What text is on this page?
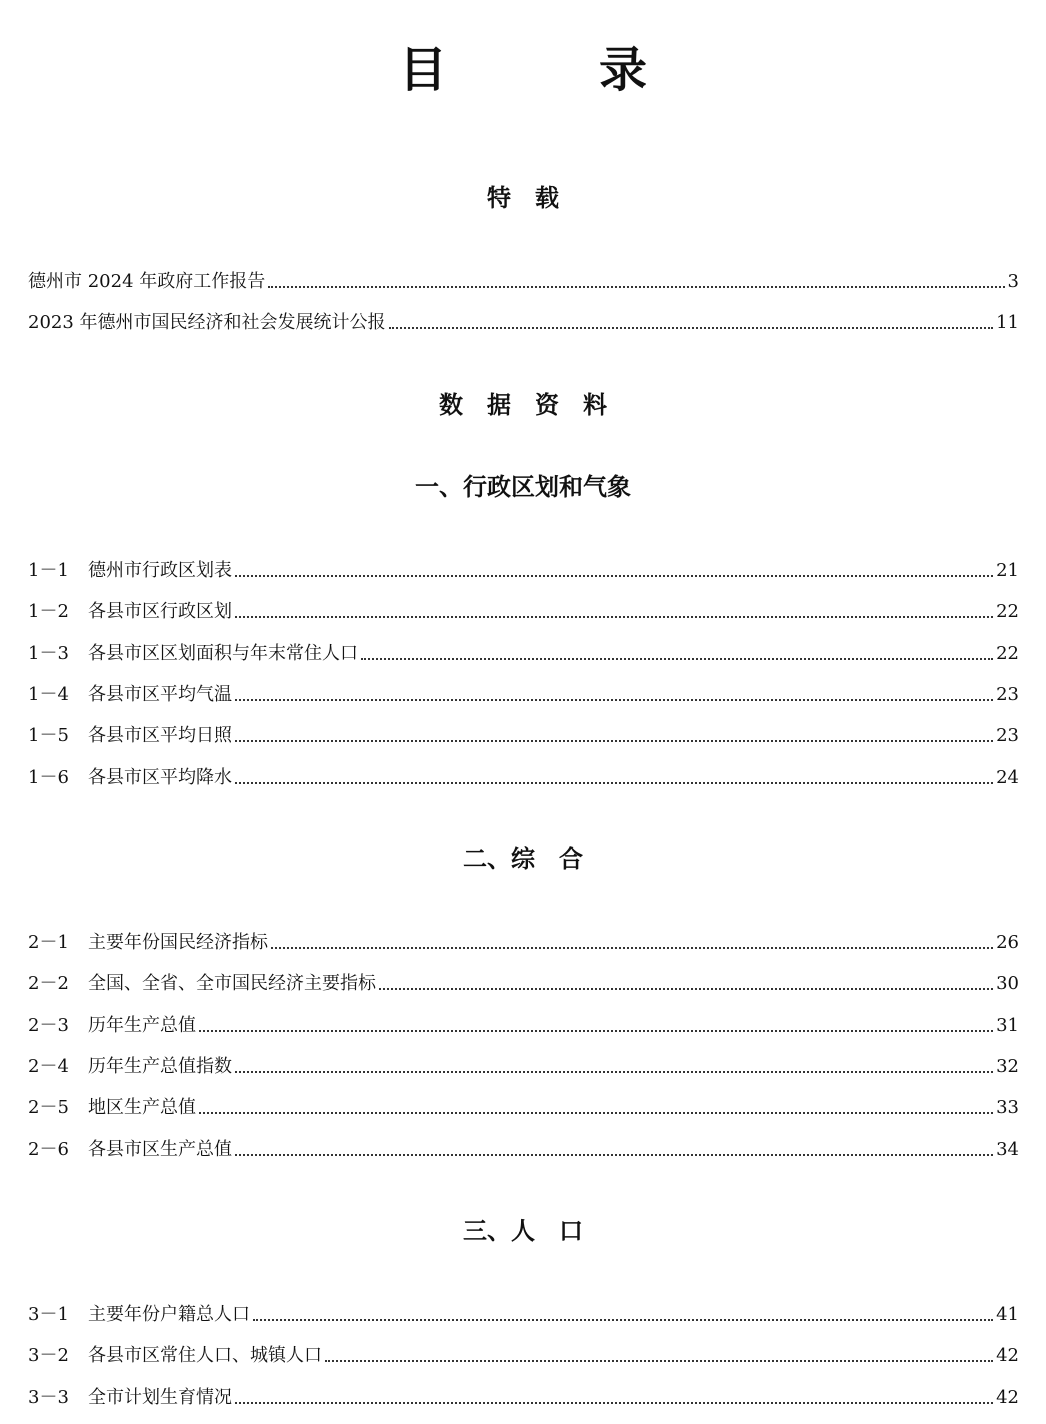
目　录
特　载
德州市 2024 年政府工作报告	3
2023 年德州市国民经济和社会发展统计公报	11
数　据　资　料
一、行政区划和气象
1－1	德州市行政区划表	21
1－2	各县市区行政区划	22
1－3	各县市区区划面积与年末常住人口	22
1－4	各县市区平均气温	23
1－5	各县市区平均日照	23
1－6	各县市区平均降水	24
二、综　合
2－1	主要年份国民经济指标	26
2－2	全国、全省、全市国民经济主要指标	30
2－3	历年生产总值	31
2－4	历年生产总值指数	32
2－5	地区生产总值	33
2－6	各县市区生产总值	34
三、人　口
3－1	主要年份户籍总人口	41
3－2	各县市区常住人口、城镇人口	42
3－3	全市计划生育情况	42
